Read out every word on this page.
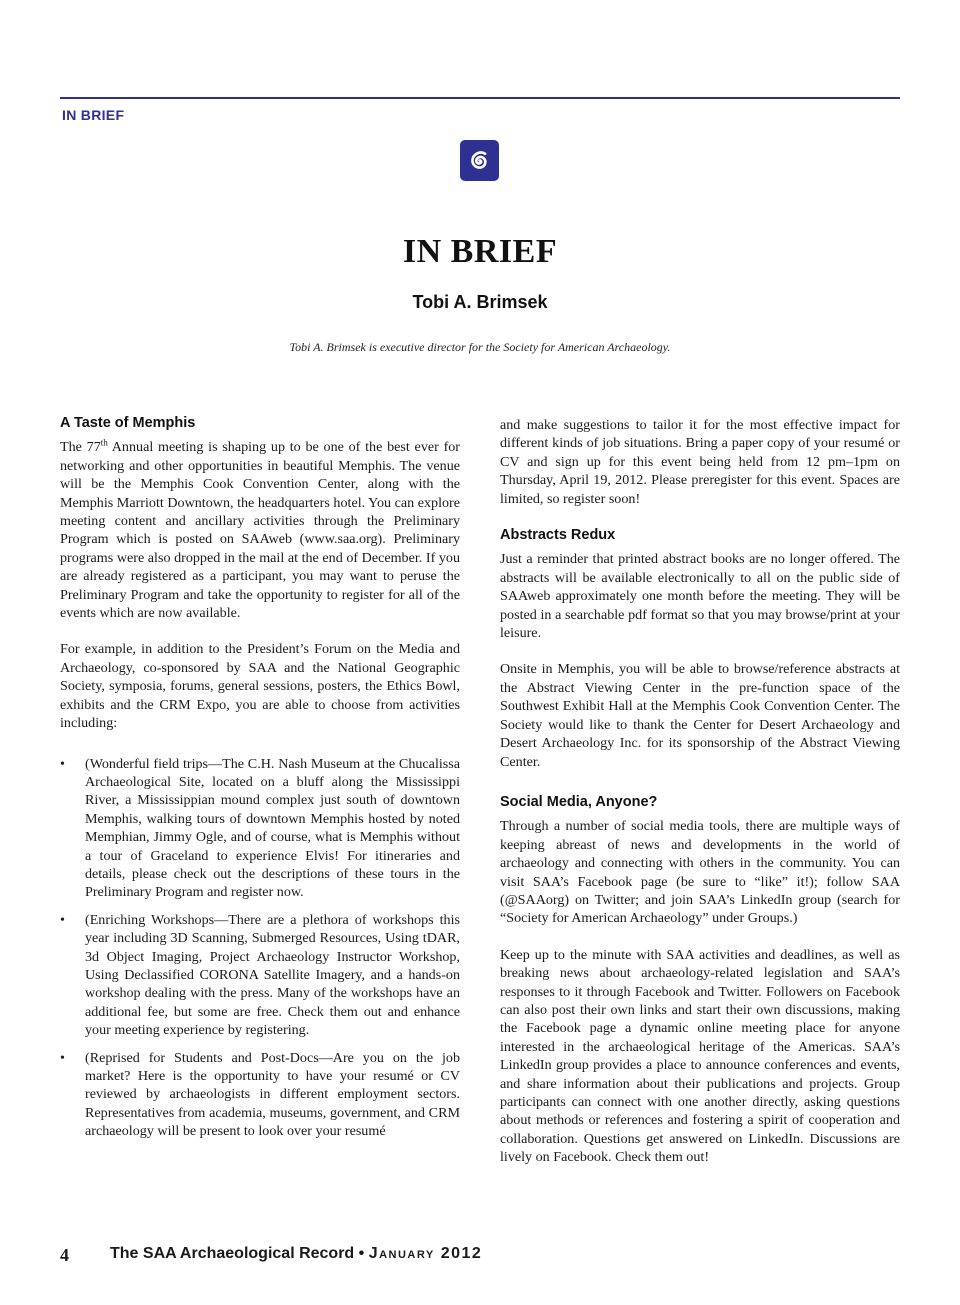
IN BRIEF
IN BRIEF
Tobi A. Brimsek
Tobi A. Brimsek is executive director for the Society for American Archaeology.
A Taste of Memphis

The 77th Annual meeting is shaping up to be one of the best ever for networking and other opportunities in beautiful Memphis. The venue will be the Memphis Cook Convention Center, along with the Memphis Marriott Downtown, the headquarters hotel. You can explore meeting content and ancillary activities through the Preliminary Program which is posted on SAAweb (www.saa.org). Preliminary programs were also dropped in the mail at the end of December. If you are already registered as a participant, you may want to peruse the Preliminary Program and take the opportunity to register for all of the events which are now available.

For example, in addition to the President’s Forum on the Media and Archaeology, co-sponsored by SAA and the National Geographic Society, symposia, forums, general sessions, posters, the Ethics Bowl, exhibits and the CRM Expo, you are able to choose from activities including:

• (Wonderful field trips—The C.H. Nash Museum at the Chucalissa Archaeological Site, located on a bluff along the Mississippi River, a Mississippian mound complex just south of downtown Memphis, walking tours of downtown Memphis hosted by noted Memphian, Jimmy Ogle, and of course, what is Memphis without a tour of Graceland to experience Elvis! For itineraries and details, please check out the descriptions of these tours in the Preliminary Program and register now.
• (Enriching Workshops—There are a plethora of workshops this year including 3D Scanning, Submerged Resources, Using tDAR, 3d Object Imaging, Project Archaeology Instructor Workshop, Using Declassified CORONA Satellite Imagery, and a hands-on workshop dealing with the press. Many of the workshops have an additional fee, but some are free. Check them out and enhance your meeting experience by registering.
• (Reprised for Students and Post-Docs—Are you on the job market? Here is the opportunity to have your resumé or CV reviewed by archaeologists in different employment sectors. Representatives from academia, museums, government, and CRM archaeology will be present to look over your resumé

and make suggestions to tailor it for the most effective impact for different kinds of job situations. Bring a paper copy of your resumé or CV and sign up for this event being held from 12 pm–1pm on Thursday, April 19, 2012. Please preregister for this event. Spaces are limited, so register soon!

Abstracts Redux

Just a reminder that printed abstract books are no longer offered. The abstracts will be available electronically to all on the public side of SAAweb approximately one month before the meeting. They will be posted in a searchable pdf format so that you may browse/print at your leisure.

Onsite in Memphis, you will be able to browse/reference abstracts at the Abstract Viewing Center in the pre-function space of the Southwest Exhibit Hall at the Memphis Cook Convention Center. The Society would like to thank the Center for Desert Archaeology and Desert Archaeology Inc. for its sponsorship of the Abstract Viewing Center.

Social Media, Anyone?

Through a number of social media tools, there are multiple ways of keeping abreast of news and developments in the world of archaeology and connecting with others in the community. You can visit SAA’s Facebook page (be sure to “like” it!); follow SAA (@SAAorg) on Twitter; and join SAA’s LinkedIn group (search for “Society for American Archaeology” under Groups.)

Keep up to the minute with SAA activities and deadlines, as well as breaking news about archaeology-related legislation and SAA’s responses to it through Facebook and Twitter. Followers on Facebook can also post their own links and start their own discussions, making the Facebook page a dynamic online meeting place for anyone interested in the archaeological heritage of the Americas. SAA’s LinkedIn group provides a place to announce conferences and events, and share information about their publications and projects. Group participants can connect with one another directly, asking questions about methods or references and fostering a spirit of cooperation and collaboration. Questions get answered on LinkedIn. Discussions are lively on Facebook. Check them out!

4	The SAA Archaeological Record • January 2012
